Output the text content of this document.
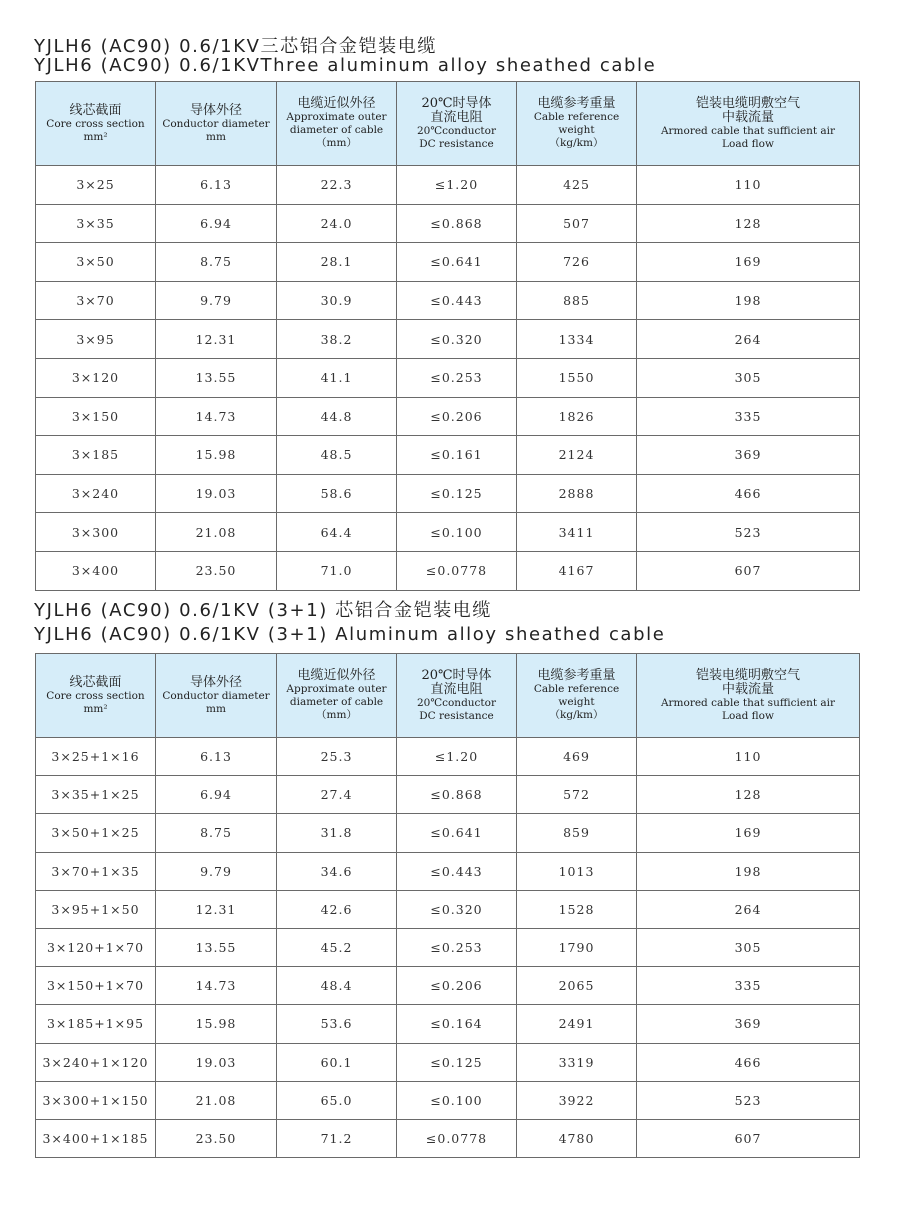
YJLH6 (AC90) 0.6/1KV三芯铝合金铠装电缆
YJLH6 (AC90) 0.6/1KVThree aluminum alloy sheathed cable
线芯截面
Core cross section
mm²	导体外径
Conductor diameter
mm	电缆近似外径
Approximate outer
diameter of cable
（mm）	20℃时导体
直流电阻
20℃conductor
DC resistance	电缆参考重量
Cable reference weight
（kg/km）	铠装电缆明敷空气
中载流量
Armored cable that sufficient air
Load flow

3×25	6.13	22.3	≤1.20	425	110
3×35	6.94	24.0	≤0.868	507	128
3×50	8.75	28.1	≤0.641	726	169
3×70	9.79	30.9	≤0.443	885	198
3×95	12.31	38.2	≤0.320	1334	264
3×120	13.55	41.1	≤0.253	1550	305
3×150	14.73	44.8	≤0.206	1826	335
3×185	15.98	48.5	≤0.161	2124	369
3×240	19.03	58.6	≤0.125	2888	466
3×300	21.08	64.4	≤0.100	3411	523
3×400	23.50	71.0	≤0.0778	4167	607
YJLH6 (AC90) 0.6/1KV (3+1) 芯铝合金铠装电缆
YJLH6 (AC90) 0.6/1KV (3+1) Aluminum alloy sheathed cable
线芯截面
Core cross section
mm²	导体外径
Conductor diameter
mm	电缆近似外径
Approximate outer
diameter of cable
（mm）	20℃时导体
直流电阻
20℃conductor
DC resistance	电缆参考重量
Cable reference weight
（kg/km）	铠装电缆明敷空气
中载流量
Armored cable that sufficient air
Load flow

3×25+1×16	6.13	25.3	≤1.20	469	110
3×35+1×25	6.94	27.4	≤0.868	572	128
3×50+1×25	8.75	31.8	≤0.641	859	169
3×70+1×35	9.79	34.6	≤0.443	1013	198
3×95+1×50	12.31	42.6	≤0.320	1528	264
3×120+1×70	13.55	45.2	≤0.253	1790	305
3×150+1×70	14.73	48.4	≤0.206	2065	335
3×185+1×95	15.98	53.6	≤0.164	2491	369
3×240+1×120	19.03	60.1	≤0.125	3319	466
3×300+1×150	21.08	65.0	≤0.100	3922	523
3×400+1×185	23.50	71.2	≤0.0778	4780	607
